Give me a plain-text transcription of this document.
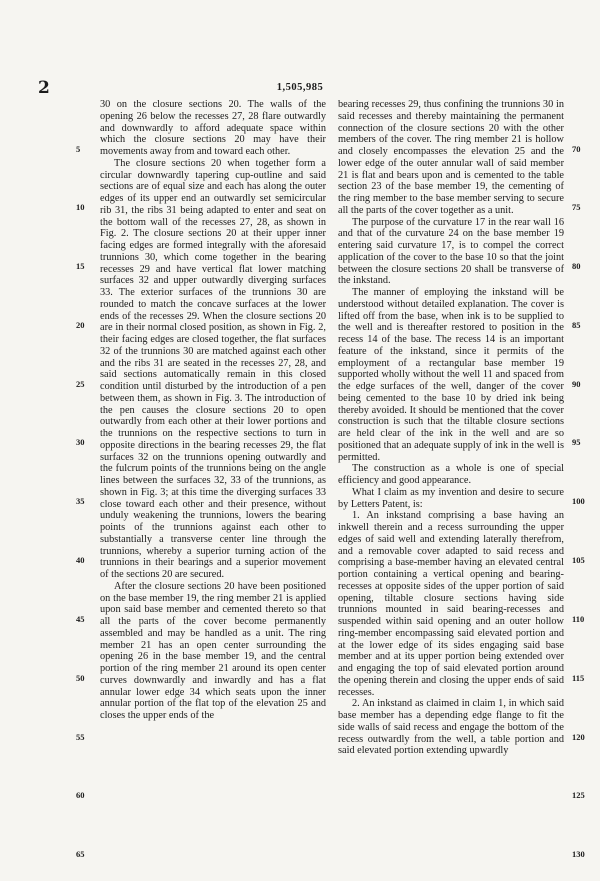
2	1,505,985

30 on the closure sections 20. The walls of the opening 26 below the recesses 27, 28 flare outwardly and downwardly to afford adequate space within which the closure sections 20 may have their movements away from and toward each other.

The closure sections 20 when together form a circular downwardly tapering cup-outline and said sections are of equal size and each has along the outer edges of its upper end an outwardly set semicircular rib 31, the ribs 31 being adapted to enter and seat on the bottom wall of the recesses 27, 28, as shown in Fig. 2. The closure sections 20 at their upper inner facing edges are formed integrally with the aforesaid trunnions 30, which come together in the bearing recesses 29 and have vertical flat lower matching surfaces 32 and upper outwardly diverging surfaces 33. The exterior surfaces of the trunnions 30 are rounded to match the concave surfaces at the lower ends of the recesses 29. When the closure sections 20 are in their normal closed position, as shown in Fig. 2, their facing edges are closed together, the flat surfaces 32 of the trunnions 30 are matched against each other and the ribs 31 are seated in the recesses 27, 28, and said sections automatically remain in this closed condition until disturbed by the introduction of a pen between them, as shown in Fig. 3. The introduction of the pen causes the closure sections 20 to open outwardly from each other at their lower portions and the trunnions on the respective sections to turn in opposite directions in the bearing recesses 29, the flat surfaces 32 on the trunnions opening outwardly and the fulcrum points of the trunnions being on the angle lines between the surfaces 32, 33 of the trunnions, as shown in Fig. 3; at this time the diverging surfaces 33 close toward each other and their presence, without unduly weakening the trunnions, lowers the bearing points of the trunnions against each other to substantially a transverse center line through the trunnions, whereby a superior turning action of the trunnions in their bearings and a superior movement of the sections 20 are secured.

After the closure sections 20 have been positioned on the base member 19, the ring member 21 is applied upon said base member and cemented thereto so that all the parts of the cover become permanently assembled and may be handled as a unit. The ring member 21 has an open center surrounding the opening 26 in the base member 19, and the central portion of the ring member 21 around its open center curves downwardly and inwardly and has a flat annular lower edge 34 which seats upon the inner annular portion of the flat top of the elevation 25 and closes the upper ends of the

bearing recesses 29, thus confining the trunnions 30 in said recesses and thereby maintaining the permanent connection of the closure sections 20 with the other members of the cover. The ring member 21 is hollow and closely encompasses the elevation 25 and the lower edge of the outer annular wall of said member 21 is flat and bears upon and is cemented to the table section 23 of the base member 19, the cementing of the ring member to the base member serving to secure all the parts of the cover together as a unit.

The purpose of the curvature 17 in the rear wall 16 and that of the curvature 24 on the base member 19 entering said curvature 17, is to compel the correct application of the cover to the base 10 so that the joint between the closure sections 20 shall be transverse of the inkstand.

The manner of employing the inkstand will be understood without detailed explanation. The cover is lifted off from the base, when ink is to be supplied to the well and is thereafter restored to position in the recess 14 of the base. The recess 14 is an important feature of the inkstand, since it permits of the employment of a rectangular base member 19 supported wholly without the well 11 and spaced from the edge surfaces of the well, danger of the cover being cemented to the base 10 by dried ink being thereby avoided. It should be mentioned that the cover construction is such that the tiltable closure sections are held clear of the ink in the well and are so positioned that an adequate supply of ink in the well is permitted.

The construction as a whole is one of special efficiency and good appearance.

What I claim as my invention and desire to secure by Letters Patent, is:

1. An inkstand comprising a base having an inkwell therein and a recess surrounding the upper edges of said well and extending laterally therefrom, and a removable cover adapted to said recess and comprising a base-member having an elevated central portion containing a vertical opening and bearing-recesses at opposite sides of the upper portion of said opening, tiltable closure sections having side trunnions mounted in said bearing-recesses and suspended within said opening and an outer hollow ring-member encompassing said elevated portion and at the lower edge of its sides engaging said base member and at its upper portion being extended over and engaging the top of said elevated portion around the opening therein and closing the upper ends of said recesses.

2. An inkstand as claimed in claim 1, in which said base member has a depending edge flange to fit the side walls of said recess and engage the bottom of the recess outwardly from the well, a table portion and said elevated portion extending upwardly

5
10
15
20
25
30
35
40
45
50
55
60
65
70
75
80
85
90
95
100
105
110
115
120
125
130
